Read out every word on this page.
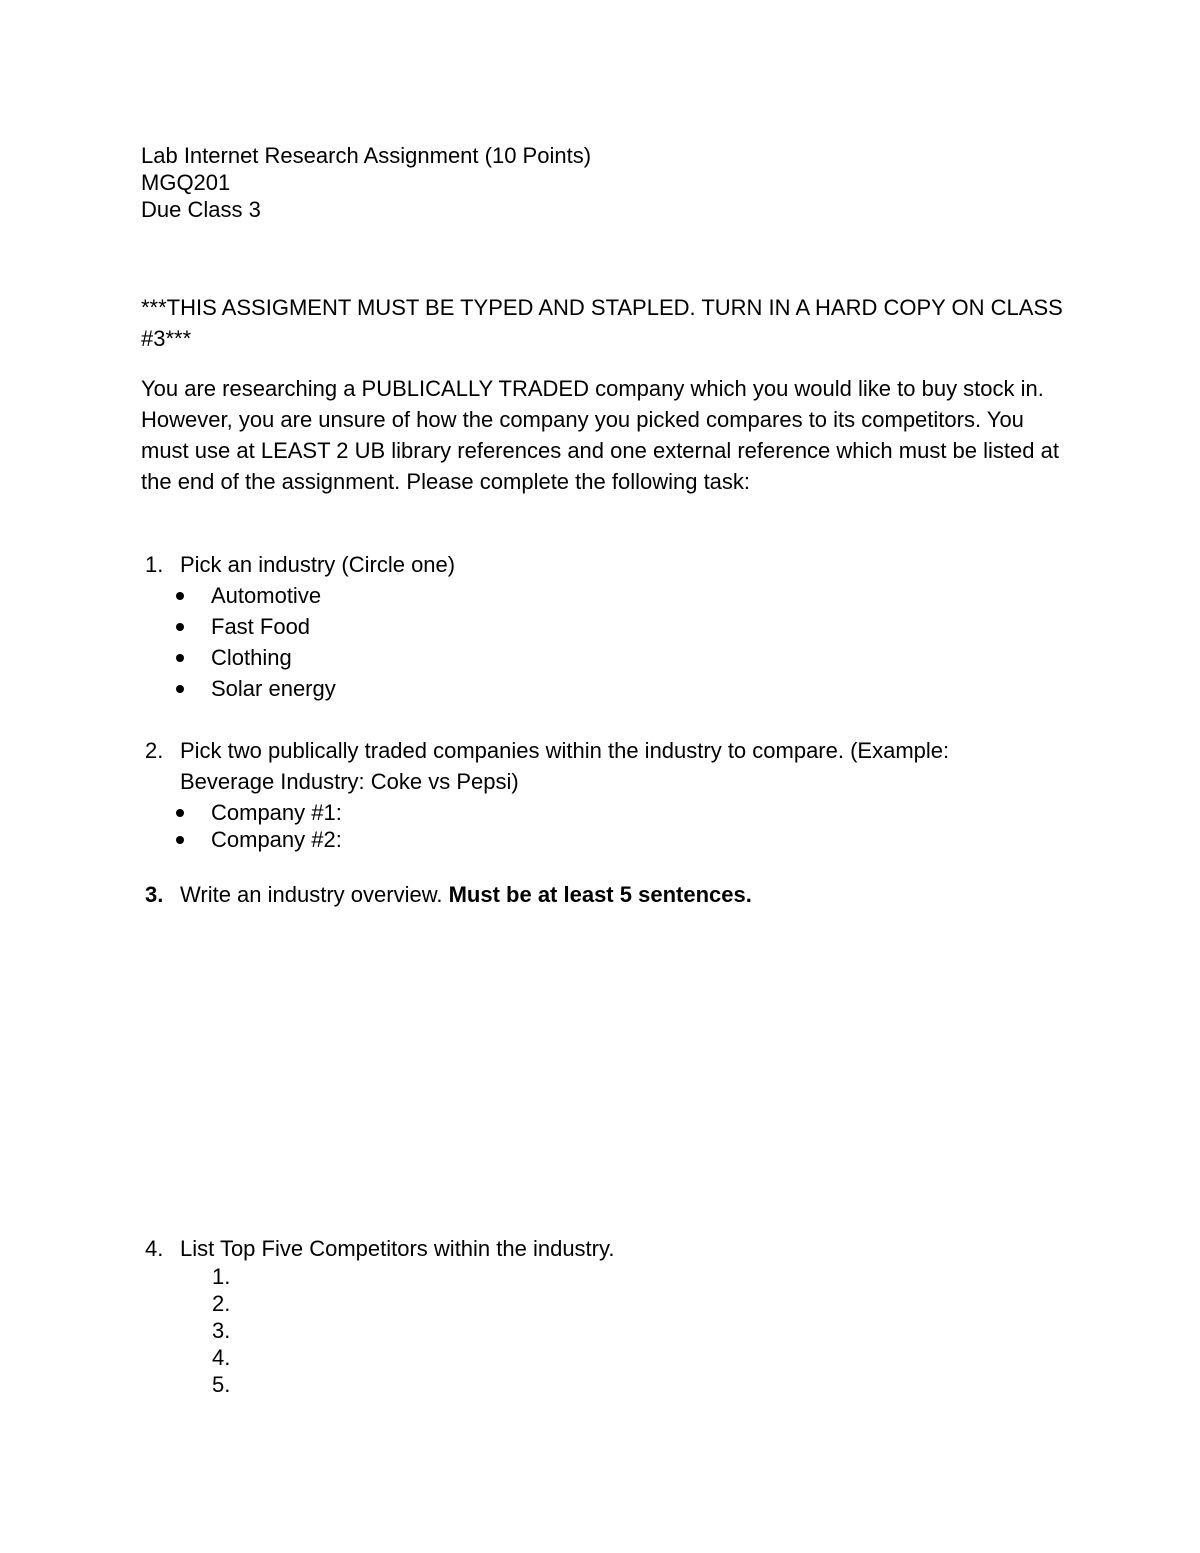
Lab Internet Research Assignment (10 Points)
MGQ201
Due Class 3
***THIS ASSIGMENT MUST BE TYPED AND STAPLED. TURN IN A HARD COPY ON CLASS #3***
You are researching a PUBLICALLY TRADED company which you would like to buy stock in. However, you are unsure of how the company you picked compares to its competitors. You must use at LEAST 2 UB library references and one external reference which must be listed at the end of the assignment. Please complete the following task:
1. Pick an industry (Circle one)
Automotive
Fast Food
Clothing
Solar energy
2. Pick two publically traded companies within the industry to compare. (Example:
Beverage Industry: Coke vs Pepsi)
Company #1:
Company #2:
3. Write an industry overview. Must be at least 5 sentences.
4. List Top Five Competitors within the industry.
1.
2.
3.
4.
5.
